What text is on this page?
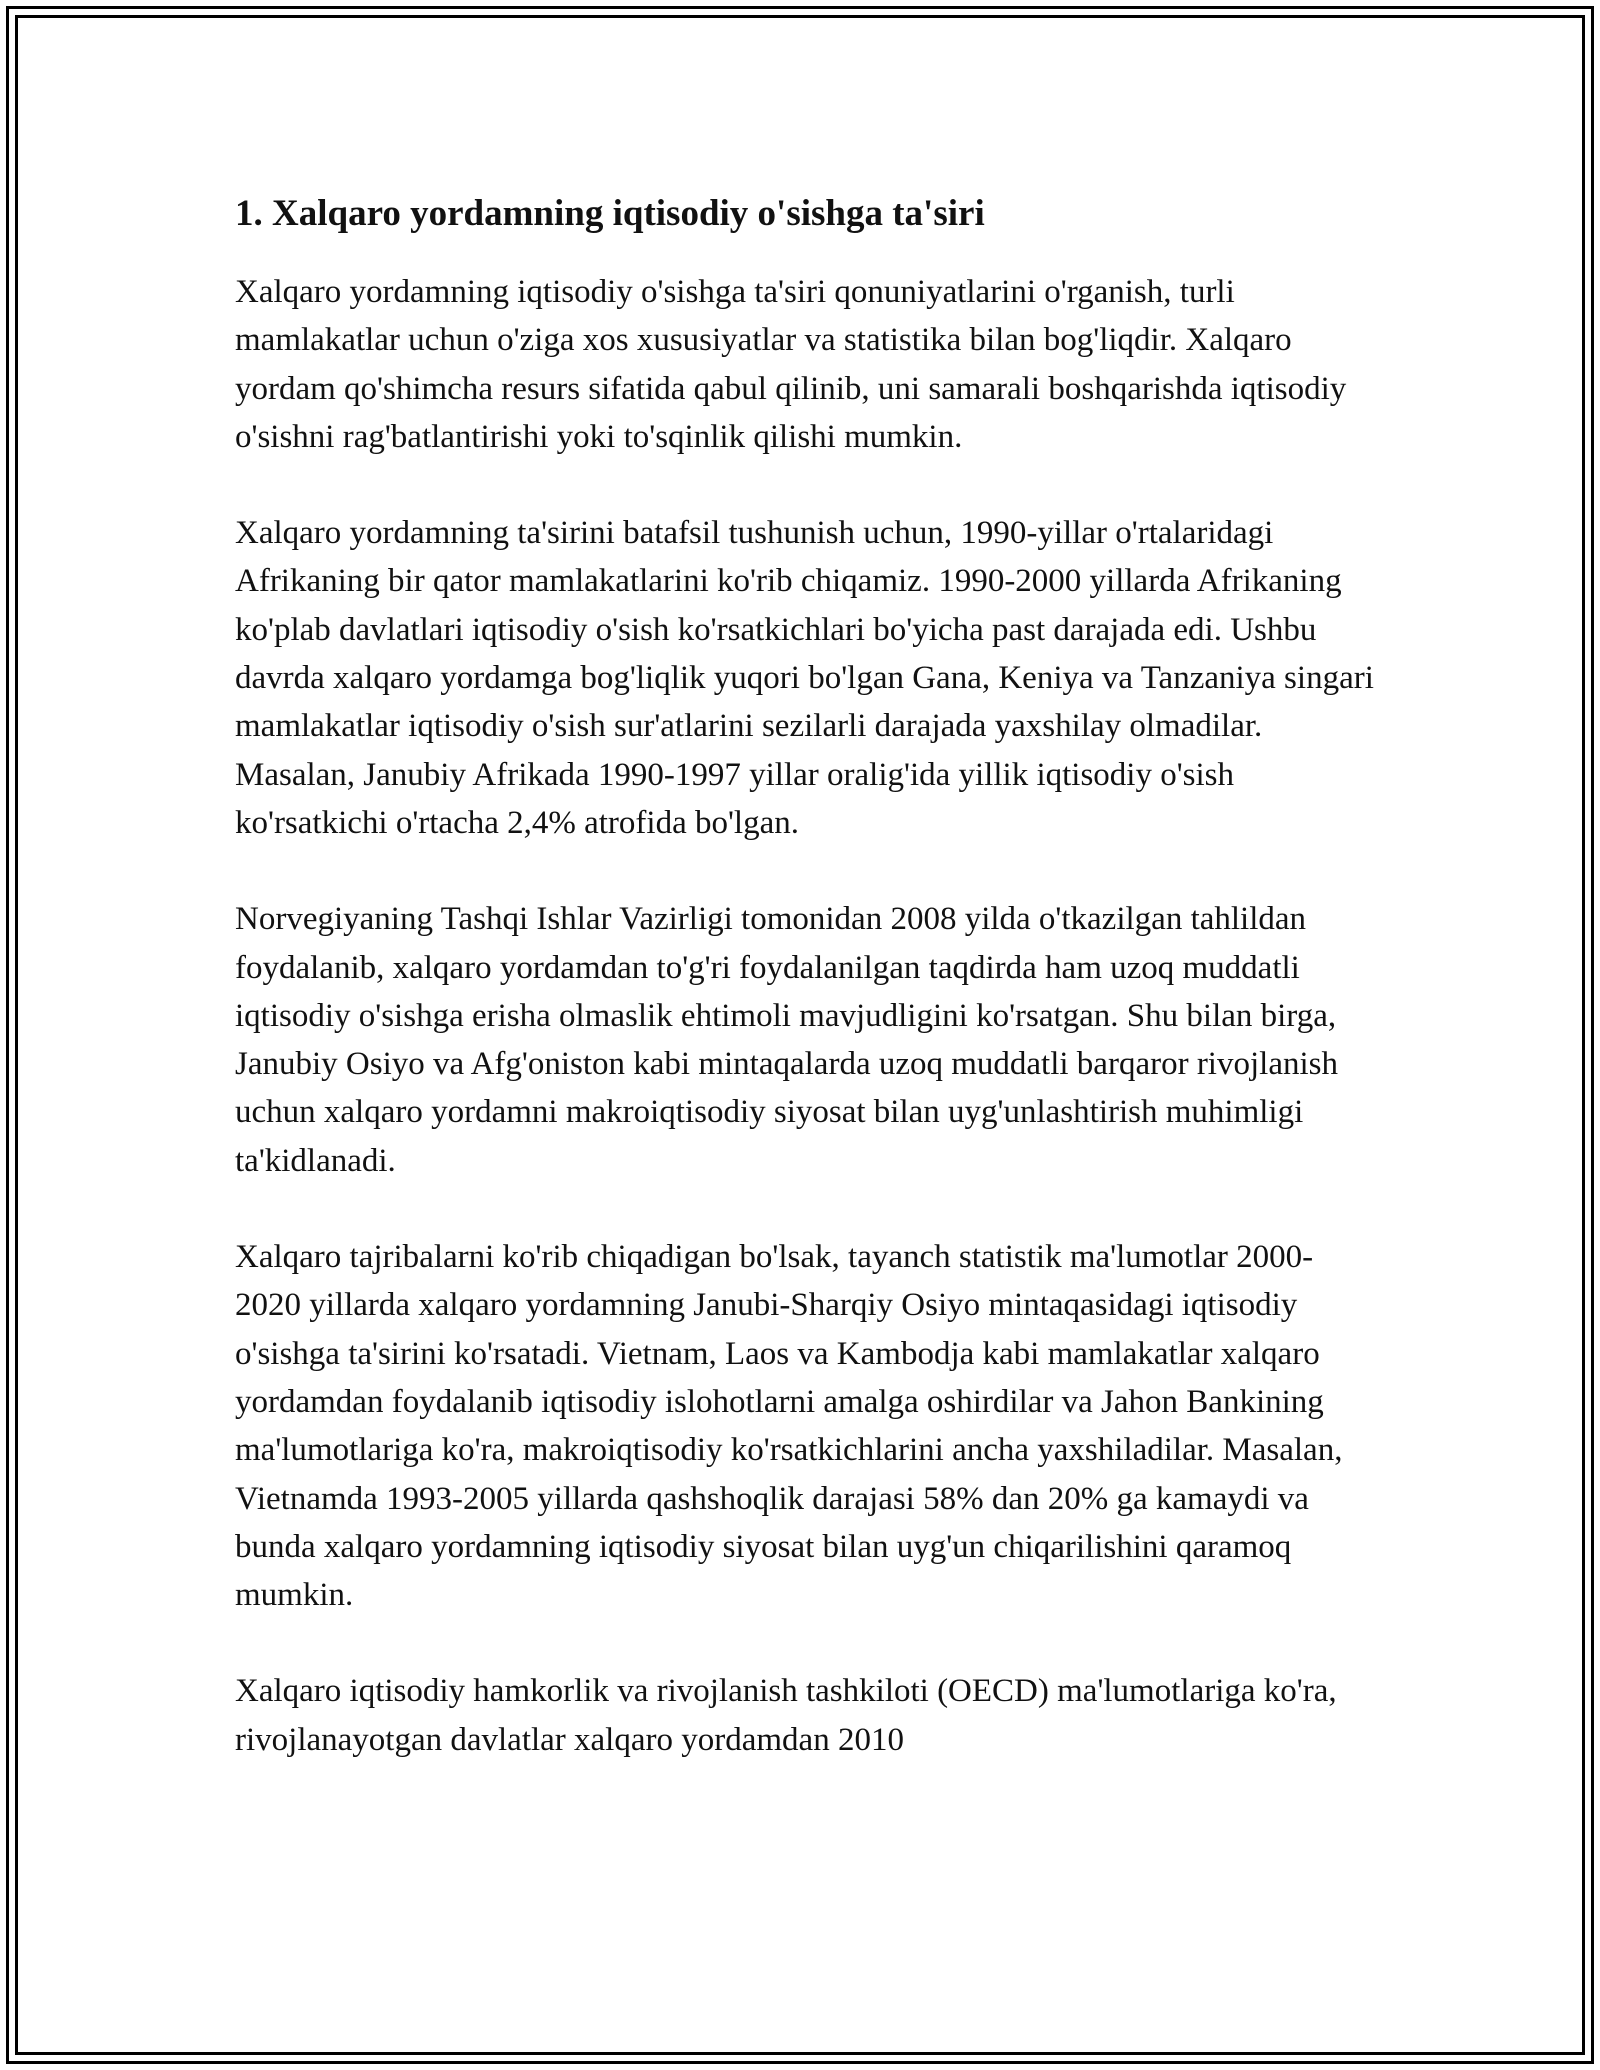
1. Xalqaro yordamning iqtisodiy o'sishga ta'siri

Xalqaro yordamning iqtisodiy o'sishga ta'siri qonuniyatlarini o'rganish, turli mamlakatlar uchun o'ziga xos xususiyatlar va statistika bilan bog'liqdir. Xalqaro yordam qo'shimcha resurs sifatida qabul qilinib, uni samarali boshqarishda iqtisodiy o'sishni rag'batlantirishi yoki to'sqinlik qilishi mumkin.

Xalqaro yordamning ta'sirini batafsil tushunish uchun, 1990-yillar o'rtalaridagi Afrikaning bir qator mamlakatlarini ko'rib chiqamiz. 1990-2000 yillarda Afrikaning ko'plab davlatlari iqtisodiy o'sish ko'rsatkichlari bo'yicha past darajada edi. Ushbu davrda xalqaro yordamga bog'liqlik yuqori bo'lgan Gana, Keniya va Tanzaniya singari mamlakatlar iqtisodiy o'sish sur'atlarini sezilarli darajada yaxshilay olmadilar. Masalan, Janubiy Afrikada 1990-1997 yillar oralig'ida yillik iqtisodiy o'sish ko'rsatkichi o'rtacha 2,4% atrofida bo'lgan.

Norvegiyaning Tashqi Ishlar Vazirligi tomonidan 2008 yilda o'tkazilgan tahlildan foydalanib, xalqaro yordamdan to'g'ri foydalanilgan taqdirda ham uzoq muddatli iqtisodiy o'sishga erisha olmaslik ehtimoli mavjudligini ko'rsatgan. Shu bilan birga, Janubiy Osiyo va Afg'oniston kabi mintaqalarda uzoq muddatli barqaror rivojlanish uchun xalqaro yordamni makroiqtisodiy siyosat bilan uyg'unlashtirish muhimligi ta'kidlanadi.

Xalqaro tajribalarni ko'rib chiqadigan bo'lsak, tayanch statistik ma'lumotlar 2000-2020 yillarda xalqaro yordamning Janubi-Sharqiy Osiyo mintaqasidagi iqtisodiy o'sishga ta'sirini ko'rsatadi. Vietnam, Laos va Kambodja kabi mamlakatlar xalqaro yordamdan foydalanib iqtisodiy islohotlarni amalga oshirdilar va Jahon Bankining ma'lumotlariga ko'ra, makroiqtisodiy ko'rsatkichlarini ancha yaxshiladilar. Masalan, Vietnamda 1993-2005 yillarda qashshoqlik darajasi 58% dan 20% ga kamaydi va bunda xalqaro yordamning iqtisodiy siyosat bilan uyg'un chiqarilishini qaramoq mumkin.

Xalqaro iqtisodiy hamkorlik va rivojlanish tashkiloti (OECD) ma'lumotlariga ko'ra, rivojlanayotgan davlatlar xalqaro yordamdan 2010
